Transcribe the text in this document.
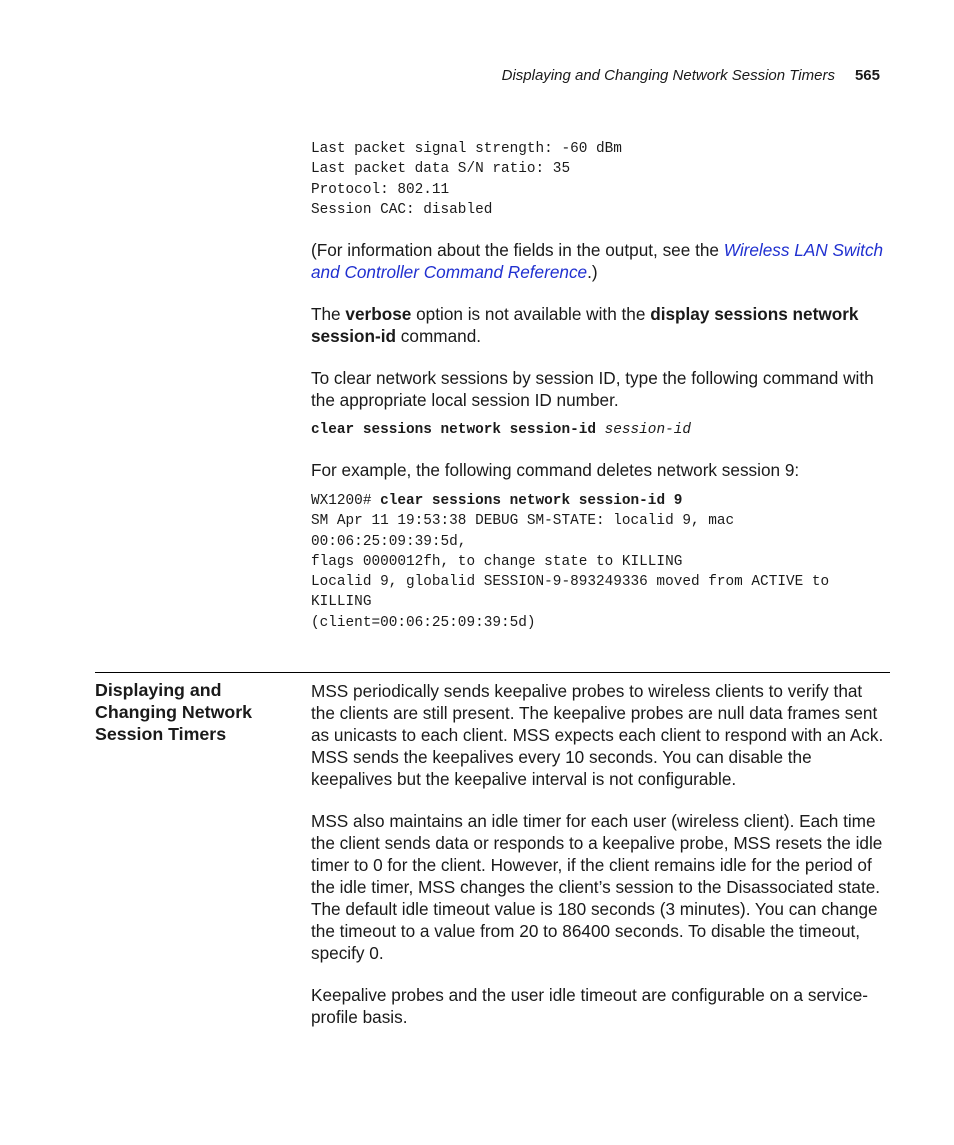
Displaying and Changing Network Session Timers 565
Last packet signal strength: -60 dBm
Last packet data S/N ratio: 35
Protocol: 802.11
Session CAC: disabled

(For information about the fields in the output, see the Wireless LAN Switch and Controller Command Reference.)

The verbose option is not available with the display sessions network session-id command.

To clear network sessions by session ID, type the following command with the appropriate local session ID number.

clear sessions network session-id session-id

For example, the following command deletes network session 9:

WX1200# clear sessions network session-id 9
SM Apr 11 19:53:38 DEBUG SM-STATE: localid 9, mac
00:06:25:09:39:5d,
flags 0000012fh, to change state to KILLING
Localid 9, globalid SESSION-9-893249336 moved from ACTIVE to
KILLING
(client=00:06:25:09:39:5d)
Displaying and Changing Network Session Timers

MSS periodically sends keepalive probes to wireless clients to verify that the clients are still present. The keepalive probes are null data frames sent as unicasts to each client. MSS expects each client to respond with an Ack. MSS sends the keepalives every 10 seconds. You can disable the keepalives but the keepalive interval is not configurable.

MSS also maintains an idle timer for each user (wireless client). Each time the client sends data or responds to a keepalive probe, MSS resets the idle timer to 0 for the client. However, if the client remains idle for the period of the idle timer, MSS changes the client’s session to the Disassociated state. The default idle timeout value is 180 seconds (3 minutes). You can change the timeout to a value from 20 to 86400 seconds. To disable the timeout, specify 0.

Keepalive probes and the user idle timeout are configurable on a service-profile basis.
